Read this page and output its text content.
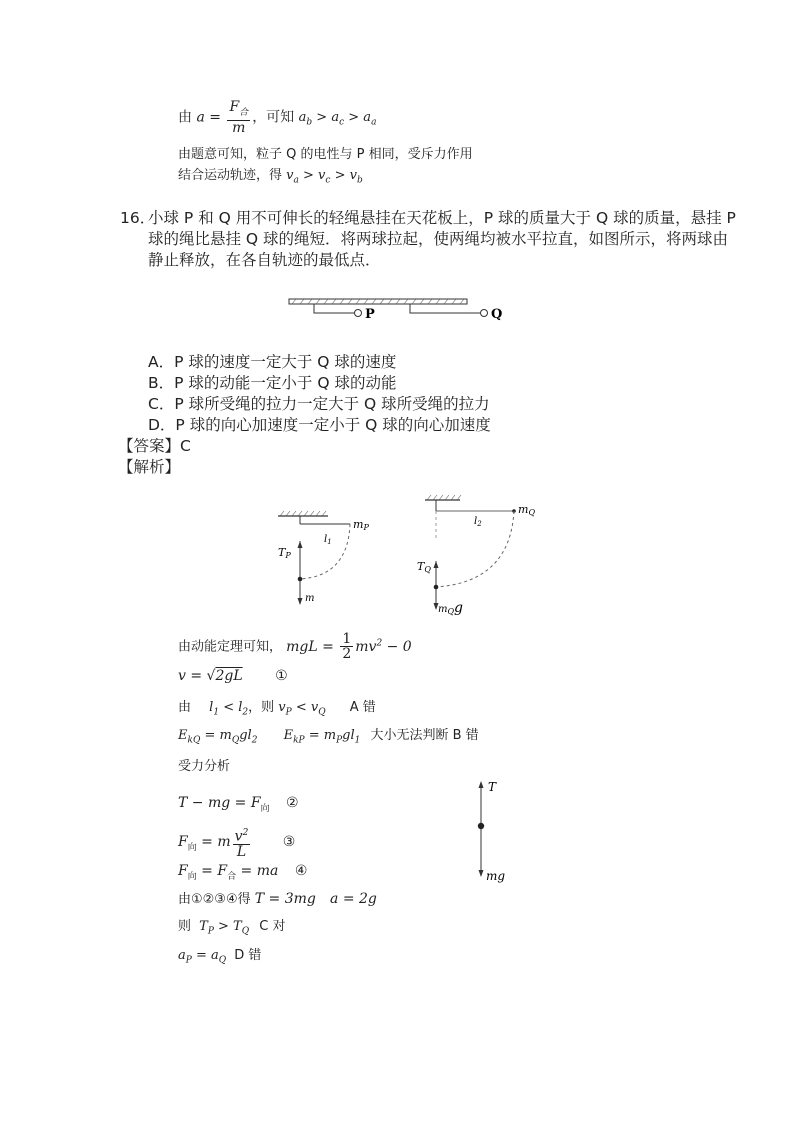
由 $a = \frac{F_合}{m}$ ，可知 $a_b > a_c > a_a$
由题意可知，粒子 Q 的电性与 P 相同，受斥力作用
结合运动轨迹，得 $v_a > v_c > v_b$
16．
小球 P 和 Q 用不可伸长的轻绳悬挂在天花板上，P 球的质量大于 Q 球的质量，悬挂 P
球的绳比悬挂 Q 球的绳短．将两球拉起，使两绳均被水平拉直，如图所示，将两球由
静止释放，在各自轨迹的最低点．
P	Q
A．P 球的速度一定大于 Q 球的速度
B．P 球的动能一定小于 Q 球的动能
C．P 球所受绳的拉力一定大于 Q 球所受绳的拉力
D．P 球的向心加速度一定小于 Q 球的向心加速度
【答案】C
【解析】
mP
$l_1$
TP
m
mQ
$l_2$
TQ
$m_Qg$
由动能定理可知， mgL = $\frac{1}{2} mv^2 - 0$
v = √2gL ①
由 $l_1 < l_2$，则 $v_P < v_Q$ A 错
$E_{kQ} = m_Qgl_2$ $E_{kP} = m_Pgl_1$ 大小无法判断 B 错
受力分析
T − mg = $F_向$ ②
$F_向 = m \frac{v^2}{L}$ ③
$F_向 = F_合$ = ma ④
由①②③④得 T = 3mg a = 2g
则 $T_P > T_Q$ C 对
$a_P = a_Q$ D 错
T
mg
